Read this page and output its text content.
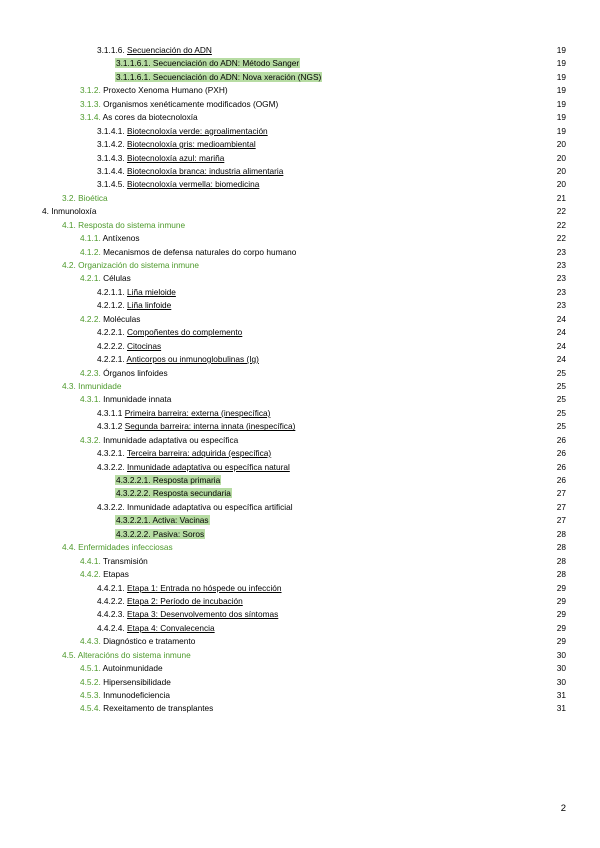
3.1.1.6. Secuenciación do ADN	19
3.1.1.6.1. Secuenciación do ADN: Método Sanger	19
3.1.1.6.1. Secuenciación do ADN: Nova xeración (NGS)	19
3.1.2. Proxecto Xenoma Humano (PXH)	19
3.1.3. Organismos xenéticamente modificados (OGM)	19
3.1.4. As cores da biotecnoloxía	19
3.1.4.1. Biotecnoloxía verde: agroalimentación	19
3.1.4.2. Biotecnoloxía gris: medioambiental	20
3.1.4.3. Biotecnoloxía azul: mariña	20
3.1.4.4. Biotecnoloxía branca: industria alimentaria	20
3.1.4.5. Biotecnoloxía vermella: biomedicina	20
3.2. Bioética	21
4. Inmunoloxía	22
4.1. Resposta do sistema inmune	22
4.1.1. Antíxenos	22
4.1.2. Mecanismos de defensa naturales do corpo humano	23
4.2. Organización do sistema inmune	23
4.2.1. Células	23
4.2.1.1. Liña mieloide	23
4.2.1.2. Liña linfoide	23
4.2.2. Moléculas	24
4.2.2.1. Compoñentes do complemento	24
4.2.2.2. Citocinas	24
4.2.2.1. Anticorpos ou inmunoglobulinas (Ig)	24
4.2.3. Órganos linfoides	25
4.3. Inmunidade	25
4.3.1. Inmunidade innata	25
4.3.1.1 Primeira barreira: externa (inespecífica)	25
4.3.1.2 Segunda barreira: interna innata (inespecífica)	25
4.3.2. Inmunidade adaptativa ou específica	26
4.3.2.1. Terceira barreira: adquirida (específica)	26
4.3.2.2. Inmunidade adaptativa ou específica natural	26
4.3.2.2.1. Resposta primaria	26
4.3.2.2.2. Resposta secundaria	27
4.3.2.2. Inmunidade adaptativa ou específica artificial	27
4.3.2.2.1. Activa: Vacinas	27
4.3.2.2.2. Pasiva: Soros	28
4.4. Enfermidades infecciosas	28
4.4.1. Transmisión	28
4.4.2. Etapas	28
4.4.2.1. Etapa 1: Entrada no hóspede ou infección	29
4.4.2.2. Etapa 2: Período de incubación	29
4.4.2.3. Etapa 3: Desenvolvemento dos síntomas	29
4.4.2.4. Etapa 4: Convalecencia	29
4.4.3. Diagnóstico e tratamento	29
4.5. Alteracións do sistema inmune	30
4.5.1. Autoinmunidade	30
4.5.2. Hipersensibilidade	30
4.5.3. Inmunodeficiencia	31
4.5.4. Rexeitamento de transplantes	31
2
